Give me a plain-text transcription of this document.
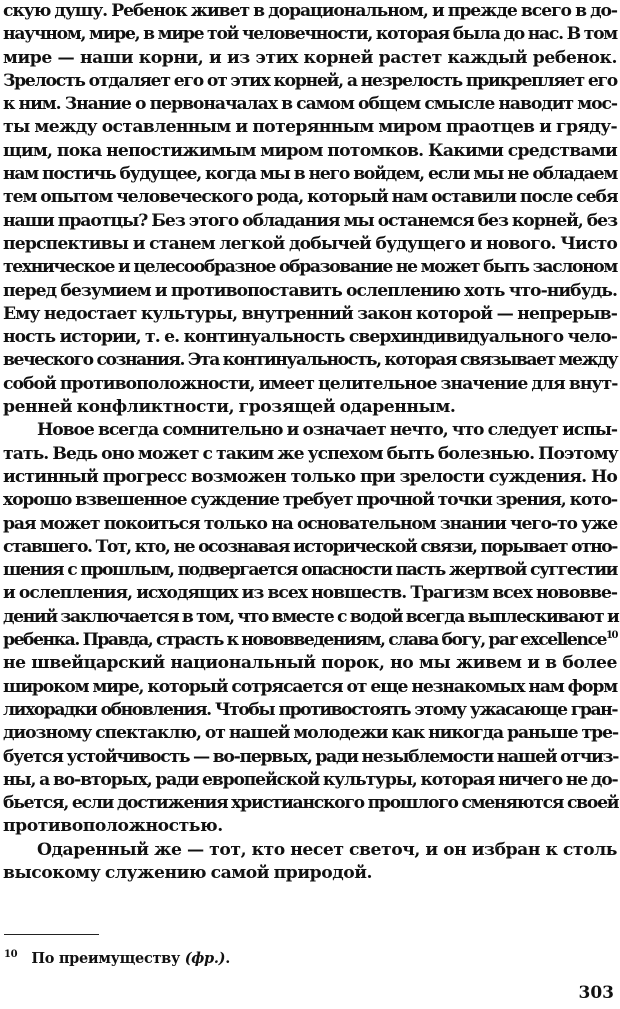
скую душу. Ребенок живет в дорациональном, и прежде всего в до-
научном, мире, в мире той человечности, которая была до нас. В том
мире — наши корни, и из этих корней растет каждый ребенок.
Зрелость отдаляет его от этих корней, а незрелость прикрепляет его
к ним. Знание о первоначалах в самом общем смысле наводит мос-
ты между оставленным и потерянным миром праотцев и гряду-
щим, пока непостижимым миром потомков. Какими средствами
нам постичь будущее, когда мы в него войдем, если мы не обладаем
тем опытом человеческого рода, который нам оставили после себя
наши праотцы? Без этого обладания мы останемся без корней, без
перспективы и станем легкой добычей будущего и нового. Чисто
техническое и целесообразное образование не может быть заслоном
перед безумием и противопоставить ослеплению хоть что-нибудь.
Ему недостает культуры, внутренний закон которой — непрерыв-
ность истории, т. е. континуальность сверхиндивидуального чело-
веческого сознания. Эта континуальность, которая связывает между
собой противоположности, имеет целительное значение для внут-
ренней конфликтности, грозящей одаренным.
Новое всегда сомнительно и означает нечто, что следует испы-
тать. Ведь оно может с таким же успехом быть болезнью. Поэтому
истинный прогресс возможен только при зрелости суждения. Но
хорошо взвешенное суждение требует прочной точки зрения, кото-
рая может покоиться только на основательном знании чего-то уже
ставшего. Тот, кто, не осознавая исторической связи, порывает отно-
шения с прошлым, подвергается опасности пасть жертвой суггестии
и ослепления, исходящих из всех новшеств. Трагизм всех нововве-
дений заключается в том, что вместе с водой всегда выплескивают и
ребенка. Правда, страсть к нововведениям, слава богу, par excellence$^{10}$
не швейцарский национальный порок, но мы живем и в более
широком мире, который сотрясается от еще незнакомых нам форм
лихорадки обновления. Чтобы противостоять этому ужасающе гран-
диозному спектаклю, от нашей молодежи как никогда раньше тре-
буется устойчивость — во-первых, ради незыблемости нашей отчиз-
ны, а во-вторых, ради европейской культуры, которая ничего не до-
бьется, если достижения христианского прошлого сменяются своей
противоположностью.
Одаренный же — тот, кто несет светоч, и он избран к столь
высокому служению самой природой.
$^{10}$ По преимуществу (фр.).
303
